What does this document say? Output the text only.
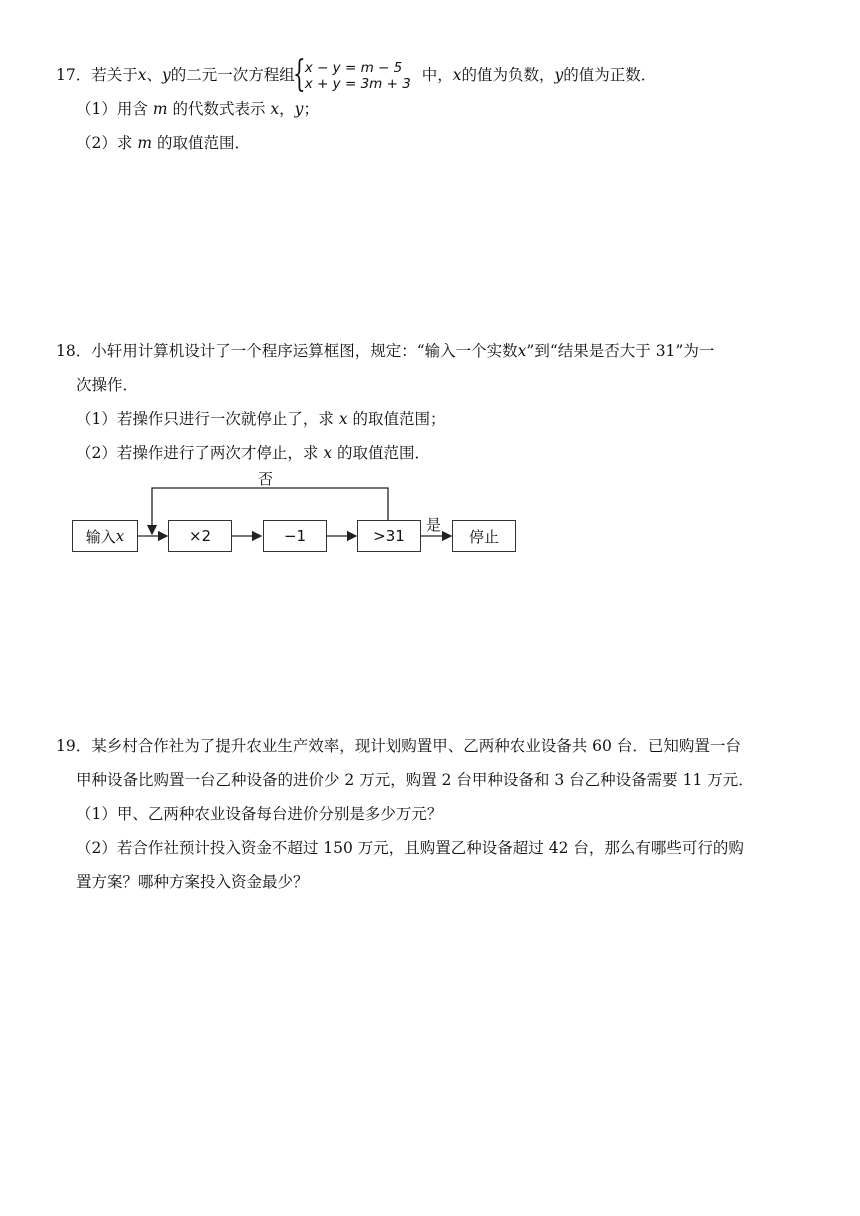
17．若关于x、y的二元一次方程组
{ x − y = m − 5
x + y = 3m + 3 中，x的值为负数，y的值为正数．
（1）用含 m 的代数式表示 x，y；
（2）求 m 的取值范围．
18．小轩用计算机设计了一个程序运算框图，规定：“输入一个实数x”到“结果是否大于 31”为一
次操作．
（1）若操作只进行一次就停止了，求 x 的取值范围；
（2）若操作进行了两次才停止，求 x 的取值范围．
输入 x	×2	−1	>31	停止
否
是
19．某乡村合作社为了提升农业生产效率，现计划购置甲、乙两种农业设备共 60 台．已知购置一台
甲种设备比购置一台乙种设备的进价少 2 万元，购置 2 台甲种设备和 3 台乙种设备需要 11 万元．
（1）甲、乙两种农业设备每台进价分别是多少万元？
（2）若合作社预计投入资金不超过 150 万元，且购置乙种设备超过 42 台，那么有哪些可行的购
置方案？哪种方案投入资金最少？
